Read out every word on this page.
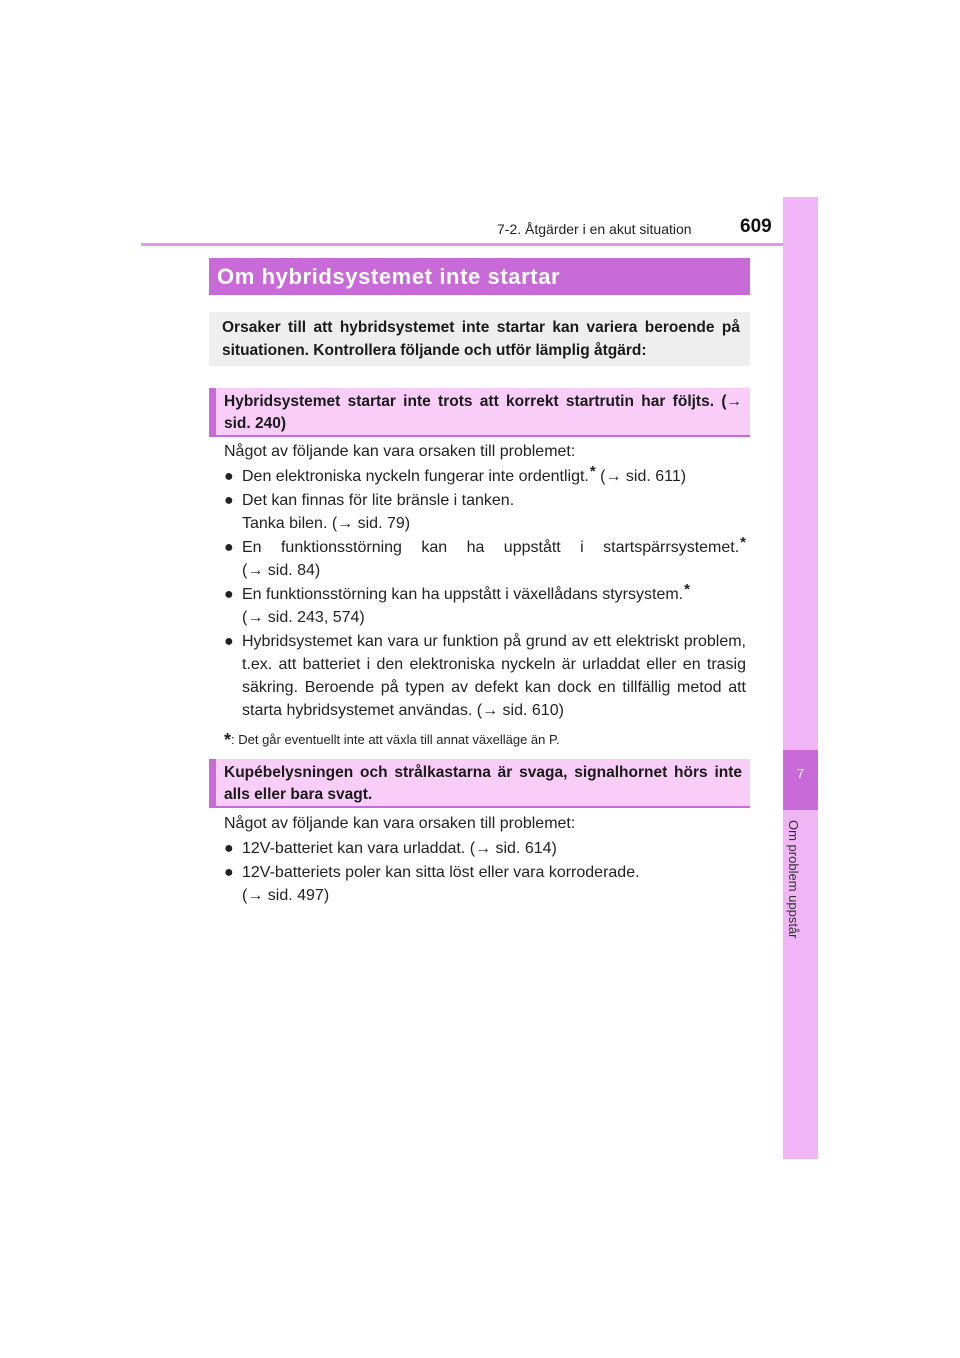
7-2. Åtgärder i en akut situation	609
7
Om problem uppstår
Om hybridsystemet inte startar
Orsaker till att hybridsystemet inte startar kan variera beroende på situationen. Kontrollera följande och utför lämplig åtgärd:
Hybridsystemet startar inte trots att korrekt startrutin har följts. (→ sid. 240)
Något av följande kan vara orsaken till problemet:
● Den elektroniska nyckeln fungerar inte ordentligt.* (→ sid. 611)
● Det kan finnas för lite bränsle i tanken.
Tanka bilen. (→ sid. 79)
● En funktionsstörning kan ha uppstått i startspärrsystemet.*
(→ sid. 84)
● En funktionsstörning kan ha uppstått i växellådans styrsystem.*
(→ sid. 243, 574)
● Hybridsystemet kan vara ur funktion på grund av ett elektriskt problem, t.ex. att batteriet i den elektroniska nyckeln är urladdat eller en trasig säkring. Beroende på typen av defekt kan dock en tillfällig metod att starta hybridsystemet användas. (→ sid. 610)
*: Det går eventuellt inte att växla till annat växelläge än P.
Kupébelysningen och strålkastarna är svaga, signalhornet hörs inte alls eller bara svagt.
Något av följande kan vara orsaken till problemet:
● 12V-batteriet kan vara urladdat. (→ sid. 614)
● 12V-batteriets poler kan sitta löst eller vara korroderade.
(→ sid. 497)
